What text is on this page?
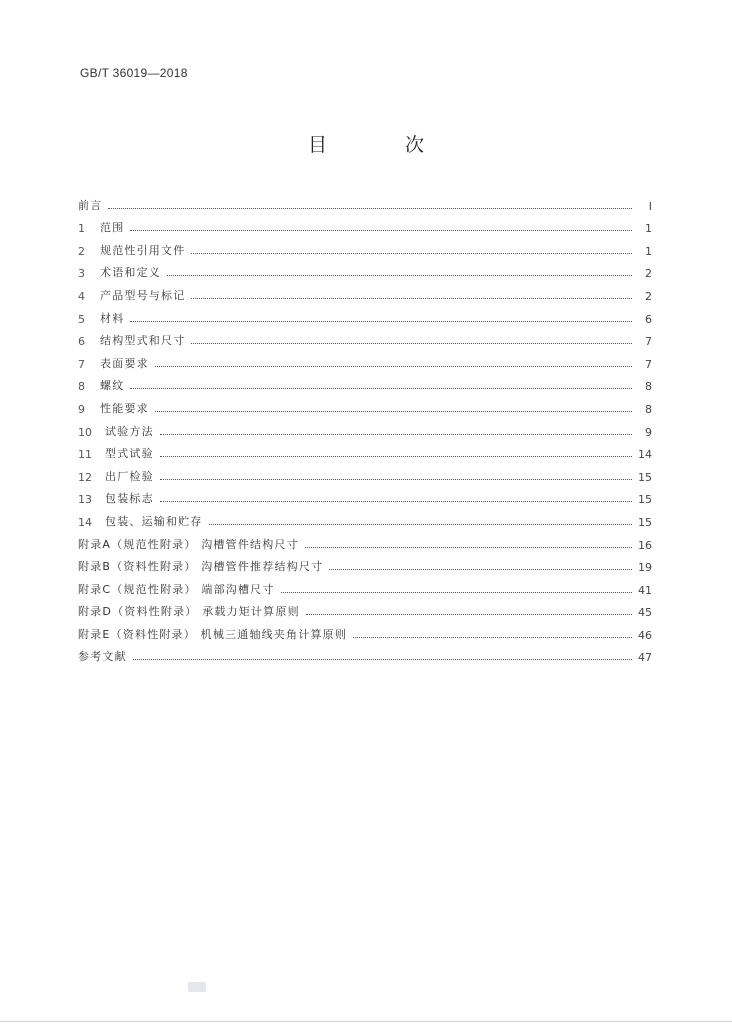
GB/T 36019—2018
目 次
前言	I
1	范围	1
2	规范性引用文件	1
3	术语和定义	2
4	产品型号与标记	2
5	材料	6
6	结构型式和尺寸	7
7	表面要求	7
8	螺纹	8
9	性能要求	8
10	试验方法	9
11	型式试验	14
12	出厂检验	15
13	包装标志	15
14	包装、运输和贮存	15
附录A（规范性附录） 沟槽管件结构尺寸	16
附录B（资料性附录） 沟槽管件推荐结构尺寸	19
附录C（规范性附录） 端部沟槽尺寸	41
附录D（资料性附录） 承载力矩计算原则	45
附录E（资料性附录） 机械三通轴线夹角计算原则	46
参考文献	47
